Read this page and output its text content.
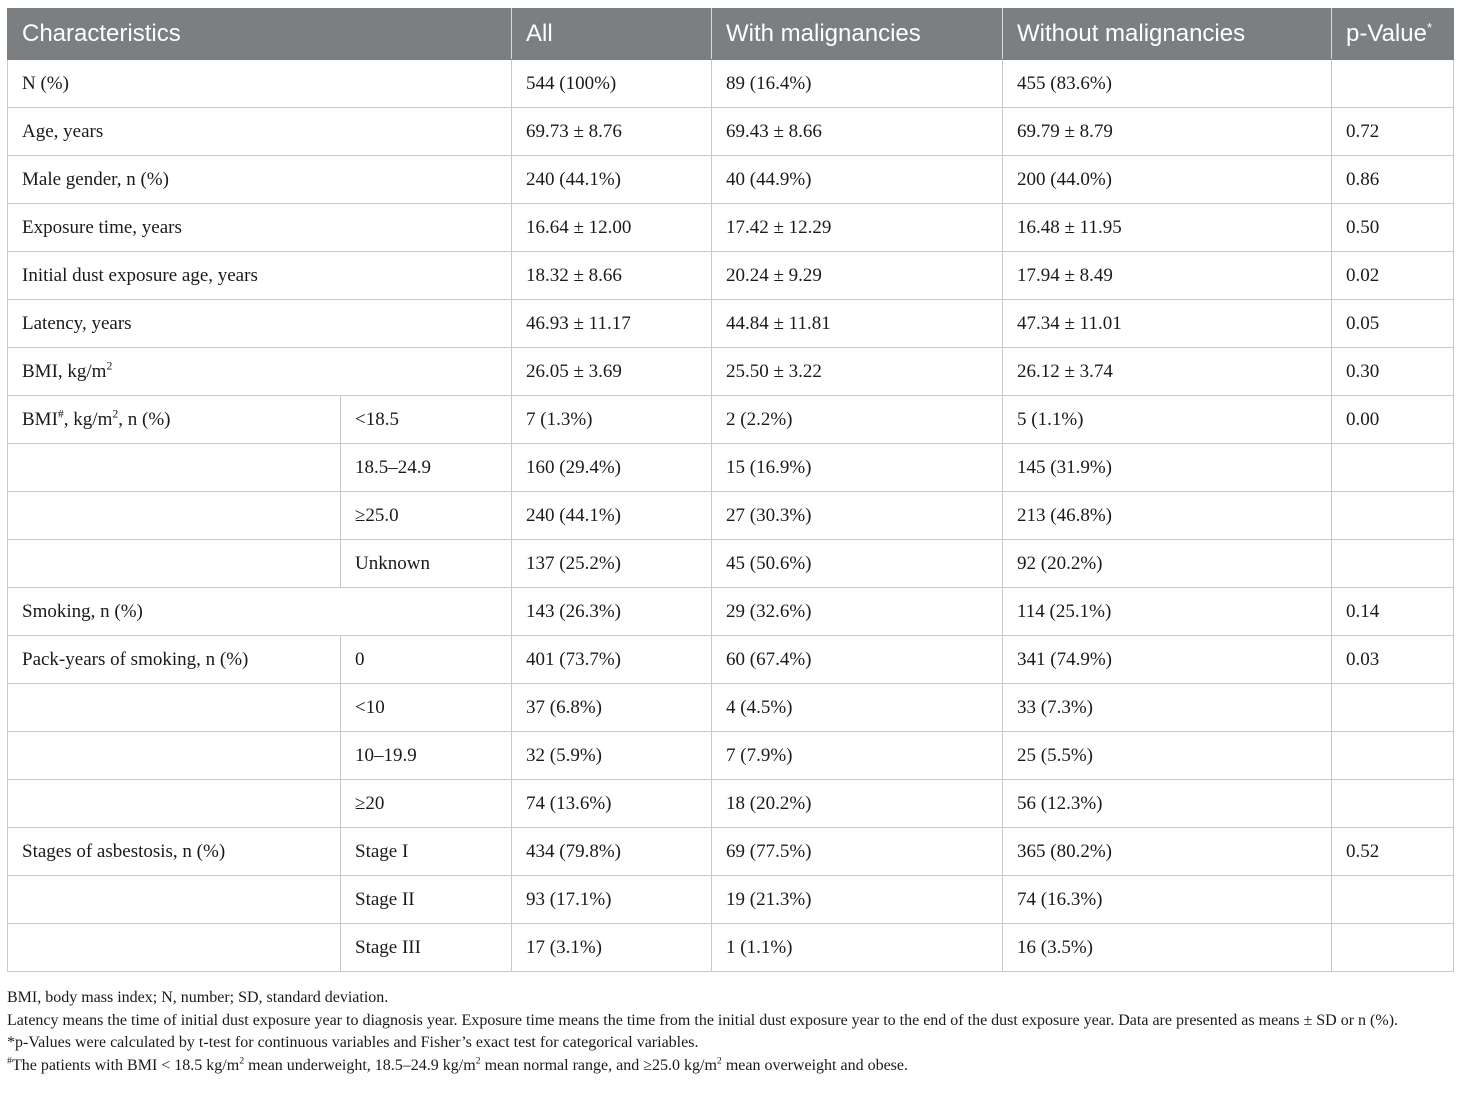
Characteristics		All	With malignancies	Without malignancies	p-Value*
N (%)		544 (100%)	89 (16.4%)	455 (83.6%)	
Age, years		69.73 ± 8.76	69.43 ± 8.66	69.79 ± 8.79	0.72
Male gender, n (%)		240 (44.1%)	40 (44.9%)	200 (44.0%)	0.86
Exposure time, years		16.64 ± 12.00	17.42 ± 12.29	16.48 ± 11.95	0.50
Initial dust exposure age, years		18.32 ± 8.66	20.24 ± 9.29	17.94 ± 8.49	0.02
Latency, years		46.93 ± 11.17	44.84 ± 11.81	47.34 ± 11.01	0.05
BMI, $kg/m^2$		26.05 ± 3.69	25.50 ± 3.22	26.12 ± 3.74	0.30
BMI#, $kg/m^2$, n (%)	<18.5	7 (1.3%)	2 (2.2%)	5 (1.1%)	0.00
	18.5–24.9	160 (29.4%)	15 (16.9%)	145 (31.9%)	
	≥25.0	240 (44.1%)	27 (30.3%)	213 (46.8%)	
	Unknown	137 (25.2%)	45 (50.6%)	92 (20.2%)	
Smoking, n (%)		143 (26.3%)	29 (32.6%)	114 (25.1%)	0.14
Pack-years of smoking, n (%)	0	401 (73.7%)	60 (67.4%)	341 (74.9%)	0.03
	<10	37 (6.8%)	4 (4.5%)	33 (7.3%)	
	10–19.9	32 (5.9%)	7 (7.9%)	25 (5.5%)	
	≥20	74 (13.6%)	18 (20.2%)	56 (12.3%)	
Stages of asbestosis, n (%)	Stage I	434 (79.8%)	69 (77.5%)	365 (80.2%)	0.52
	Stage II	93 (17.1%)	19 (21.3%)	74 (16.3%)	
	Stage III	17 (3.1%)	1 (1.1%)	16 (3.5%)	

BMI, body mass index; N, number; SD, standard deviation.

Latency means the time of initial dust exposure year to diagnosis year. Exposure time means the time from the initial dust exposure year to the end of the dust exposure year. Data are presented as means ± SD or n (%).

*p-Values were calculated by t-test for continuous variables and Fisher’s exact test for categorical variables.

#The patients with BMI < 18.5 $kg/m^2$ mean underweight, 18.5–24.9 $kg/m^2$ mean normal range, and ≥25.0 $kg/m^2$ mean overweight and obese.
